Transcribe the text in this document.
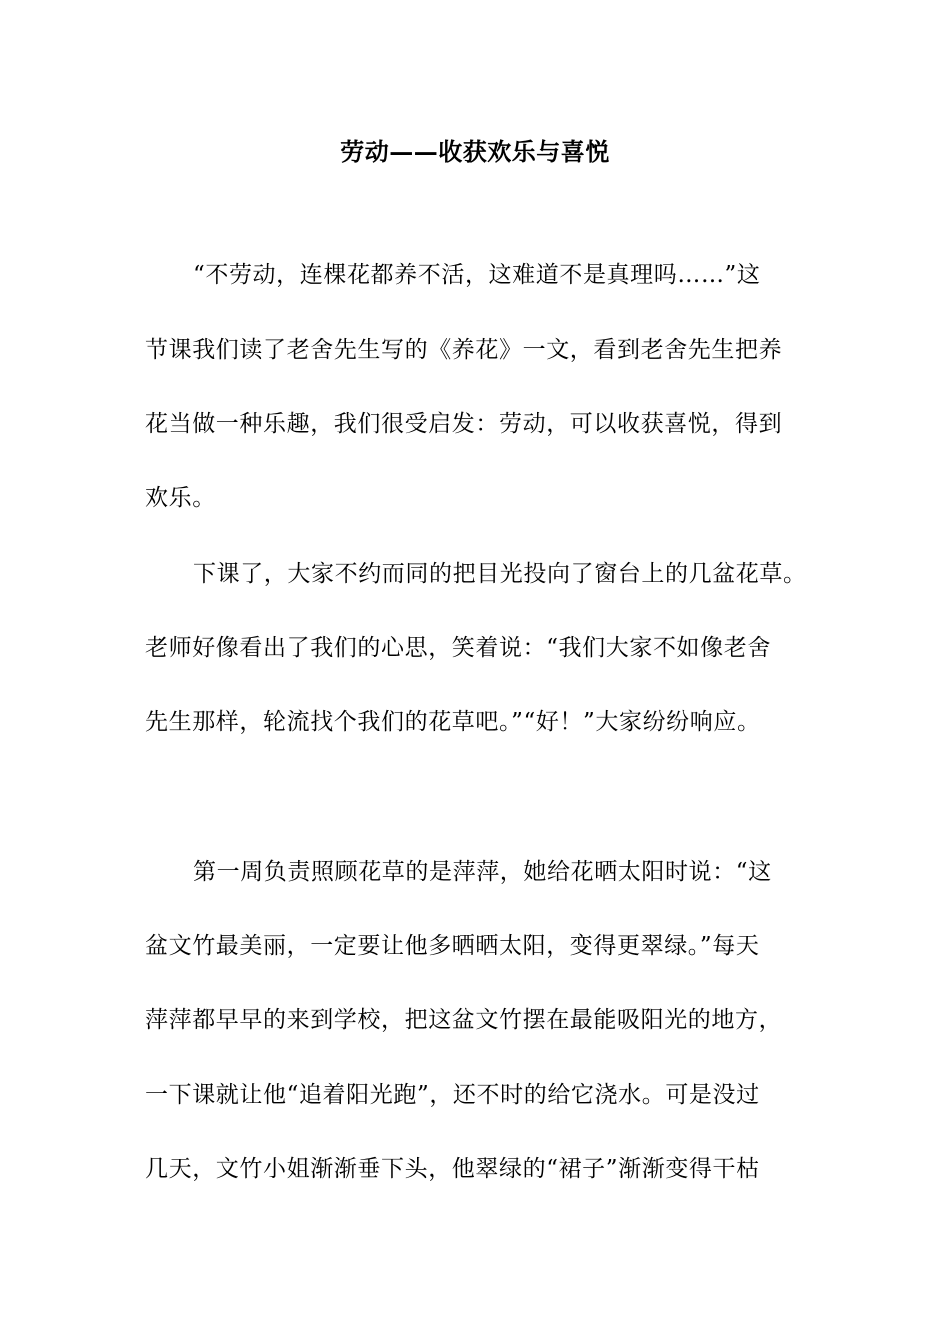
劳动——收获欢乐与喜悦
“不劳动，连棵花都养不活，这难道不是真理吗……”这
节课我们读了老舍先生写的《养花》一文，看到老舍先生把养
花当做一种乐趣，我们很受启发：劳动，可以收获喜悦，得到
欢乐。
下课了，大家不约而同的把目光投向了窗台上的几盆花草。
老师好像看出了我们的心思，笑着说：“我们大家不如像老舍
先生那样，轮流找个我们的花草吧。”“好！”大家纷纷响应。
第一周负责照顾花草的是萍萍，她给花晒太阳时说：“这
盆文竹最美丽，一定要让他多晒晒太阳，变得更翠绿。”每天
萍萍都早早的来到学校，把这盆文竹摆在最能吸阳光的地方，
一下课就让他“追着阳光跑”，还不时的给它浇水。可是没过
几天，文竹小姐渐渐垂下头，他翠绿的“裙子”渐渐变得干枯
